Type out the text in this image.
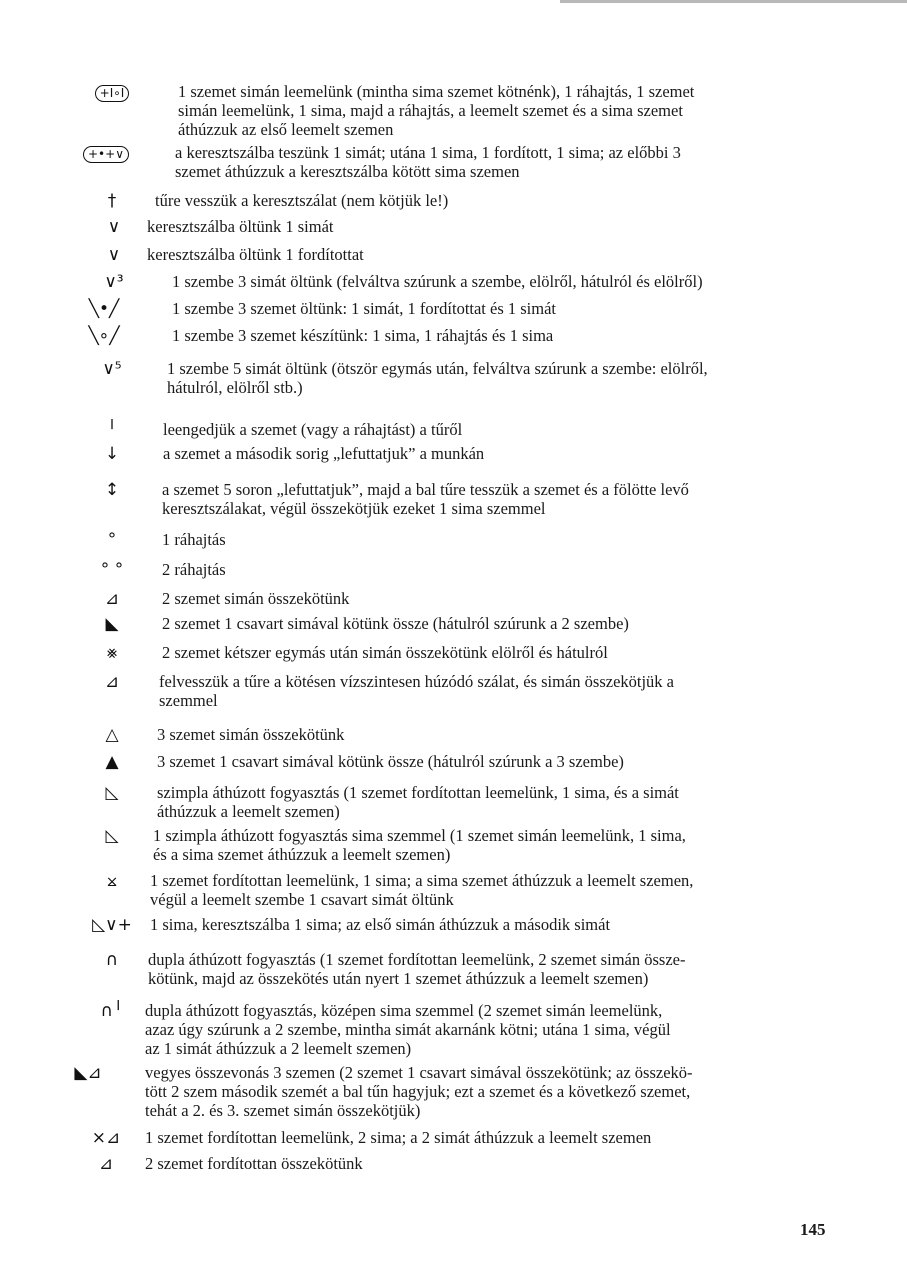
+I∘I	1 szemet simán leemelünk (mintha sima szemet kötnénk), 1 ráhajtás, 1 szemet
simán leemelünk, 1 sima, majd a ráhajtás, a leemelt szemet és a sima szemet
áthúzzuk az első leemelt szemen
+•+∨	a keresztszálba teszünk 1 simát; utána 1 sima, 1 fordított, 1 sima; az előbbi 3
szemet áthúzzuk a keresztszálba kötött sima szemen
†	tűre vesszük a keresztszálat (nem kötjük le!)
∨	keresztszálba öltünk 1 simát
∨	keresztszálba öltünk 1 fordítottat
∨³	1 szembe 3 simát öltünk (felváltva szúrunk a szembe, elölről, hátulról és elölről)
╲•╱	1 szembe 3 szemet öltünk: 1 simát, 1 fordítottat és 1 simát
╲∘╱	1 szembe 3 szemet készítünk: 1 sima, 1 ráhajtás és 1 sima
∨⁵	1 szembe 5 simát öltünk (ötször egymás után, felváltva szúrunk a szembe: elölről,
hátulról, elölről stb.)
╵	leengedjük a szemet (vagy a ráhajtást) a tűről
↓	a szemet a második sorig „lefuttatjuk” a munkán
↕	a szemet 5 soron „lefuttatjuk”, majd a bal tűre tesszük a szemet és a fölötte levő
keresztszálakat, végül összekötjük ezeket 1 sima szemmel
°	1 ráhajtás
° °	2 ráhajtás
⊿	2 szemet simán összekötünk
◣	2 szemet 1 csavart simával kötünk össze (hátulról szúrunk a 2 szembe)
⨳	2 szemet kétszer egymás után simán összekötünk elölről és hátulról
⊿	felvesszük a tűre a kötésen vízszintesen húzódó szálat, és simán összekötjük a
szemmel
△	3 szemet simán összekötünk
▲	3 szemet 1 csavart simával kötünk össze (hátulról szúrunk a 3 szembe)
◺	szimpla áthúzott fogyasztás (1 szemet fordítottan leemelünk, 1 sima, és a simát
áthúzzuk a leemelt szemen)
◺	1 szimpla áthúzott fogyasztás sima szemmel (1 szemet simán leemelünk, 1 sima,
és a sima szemet áthúzzuk a leemelt szemen)
⨲	1 szemet fordítottan leemelünk, 1 sima; a sima szemet áthúzzuk a leemelt szemen,
végül a leemelt szembe 1 csavart simát öltünk
◺∨+	1 sima, keresztszálba 1 sima; az első simán áthúzzuk a második simát
∩	dupla áthúzott fogyasztás (1 szemet fordítottan leemelünk, 2 szemet simán össze-
kötünk, majd az összekötés után nyert 1 szemet áthúzzuk a leemelt szemen)
∩╵	dupla áthúzott fogyasztás, középen sima szemmel (2 szemet simán leemelünk,
azaz úgy szúrunk a 2 szembe, mintha simát akarnánk kötni; utána 1 sima, végül
az 1 simát áthúzzuk a 2 leemelt szemen)
◣⊿	vegyes összevonás 3 szemen (2 szemet 1 csavart simával összekötünk; az összekö-
tött 2 szem második szemét a bal tűn hagyjuk; ezt a szemet és a következő szemet,
tehát a 2. és 3. szemet simán összekötjük)
⨯⊿	1 szemet fordítottan leemelünk, 2 sima; a 2 simát áthúzzuk a leemelt szemen
⊿	2 szemet fordítottan összekötünk
145
